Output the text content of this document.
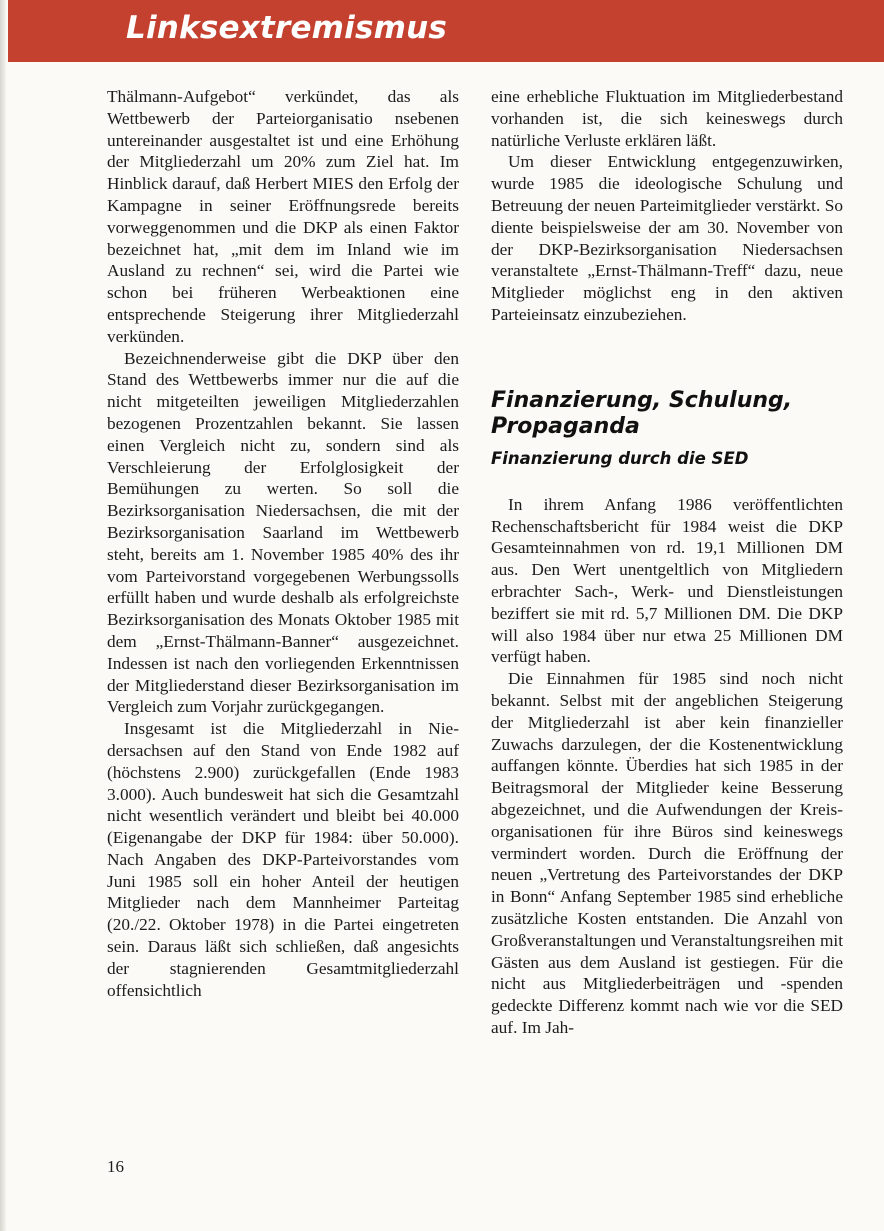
Linksextremismus

Thälmann-Aufgebot“ verkündet, das als Wettbewerb der Parteiorganisatio nsebenen untereinander ausgestaltet ist und eine Erhöhung der Mitgliederzahl um 20% zum Ziel hat. Im Hinblick darauf, daß Herbert MIES den Erfolg der Kampagne in seiner Eröffnungsrede bereits vorweggenommen und die DKP als einen Faktor bezeichnet hat, „mit dem im Inland wie im Ausland zu rechnen“ sei, wird die Partei wie schon bei früheren Werbeaktionen eine entsprechende Steigerung ihrer Mitgliederzahl verkünden.

Bezeichnenderweise gibt die DKP über den Stand des Wettbewerbs immer nur die auf die nicht mitgeteilten jeweiligen Mitgliederzahlen bezogenen Prozentzahlen bekannt. Sie lassen einen Vergleich nicht zu, sondern sind als Verschleierung der Erfolglosigkeit der Bemühungen zu werten. So soll die Bezirksorganisation Niedersachsen, die mit der Bezirksorganisation Saarland im Wettbewerb steht, bereits am 1. November 1985 40% des ihr vom Parteivorstand vorgegebenen Werbungssolls erfüllt haben und wurde deshalb als erfolgreichste Bezirksorganisation des Monats Oktober 1985 mit dem „Ernst-Thälmann-Banner“ ausgezeichnet. Indessen ist nach den vorliegenden Erkenntnissen der Mitgliederstand dieser Bezirksorganisation im Vergleich zum Vorjahr zurückgegangen.

Insgesamt ist die Mitgliederzahl in Niedersachsen auf den Stand von Ende 1982 auf (höchstens 2.900) zurückgefallen (Ende 1983 3.000). Auch bundesweit hat sich die Gesamtzahl nicht wesentlich verändert und bleibt bei 40.000 (Eigenangabe der DKP für 1984: über 50.000). Nach Angaben des DKP-Parteivorstandes vom Juni 1985 soll ein hoher Anteil der heutigen Mitglieder nach dem Mannheimer Parteitag (20./22. Oktober 1978) in die Partei eingetreten sein. Daraus läßt sich schließen, daß angesichts der stagnierenden Gesamtmitgliederzahl offensichtlich

eine erhebliche Fluktuation im Mitgliederbestand vorhanden ist, die sich keineswegs durch natürliche Verluste erklären läßt.

Um dieser Entwicklung entgegenzuwirken, wurde 1985 die ideologische Schulung und Betreuung der neuen Parteimitglieder verstärkt. So diente beispielsweise der am 30. November von der DKP-Bezirksorganisation Niedersachsen veranstaltete „Ernst-Thälmann-Treff“ dazu, neue Mitglieder möglichst eng in den aktiven Parteieinsatz einzubeziehen.

Finanzierung, Schulung, Propaganda
Finanzierung durch die SED

In ihrem Anfang 1986 veröffentlichten Rechenschaftsbericht für 1984 weist die DKP Gesamteinnahmen von rd. 19,1 Millionen DM aus. Den Wert unentgeltlich von Mitgliedern erbrachter Sach-, Werk- und Dienstleistungen beziffert sie mit rd. 5,7 Millionen DM. Die DKP will also 1984 über nur etwa 25 Millionen DM verfügt haben.

Die Einnahmen für 1985 sind noch nicht bekannt. Selbst mit der angeblichen Steigerung der Mitgliederzahl ist aber kein finanzieller Zuwachs darzulegen, der die Kostenentwicklung auffangen könnte. Überdies hat sich 1985 in der Beitragsmoral der Mitglieder keine Besserung abgezeichnet, und die Aufwendungen der Kreisorganisationen für ihre Büros sind keineswegs vermindert worden. Durch die Eröffnung der neuen „Vertretung des Parteivorstandes der DKP in Bonn“ Anfang September 1985 sind erhebliche zusätzliche Kosten entstanden. Die Anzahl von Großveranstaltungen und Veranstaltungsreihen mit Gästen aus dem Ausland ist gestiegen. Für die nicht aus Mitgliederbeiträgen und -spenden gedeckte Differenz kommt nach wie vor die SED auf. Im Jah-

16
